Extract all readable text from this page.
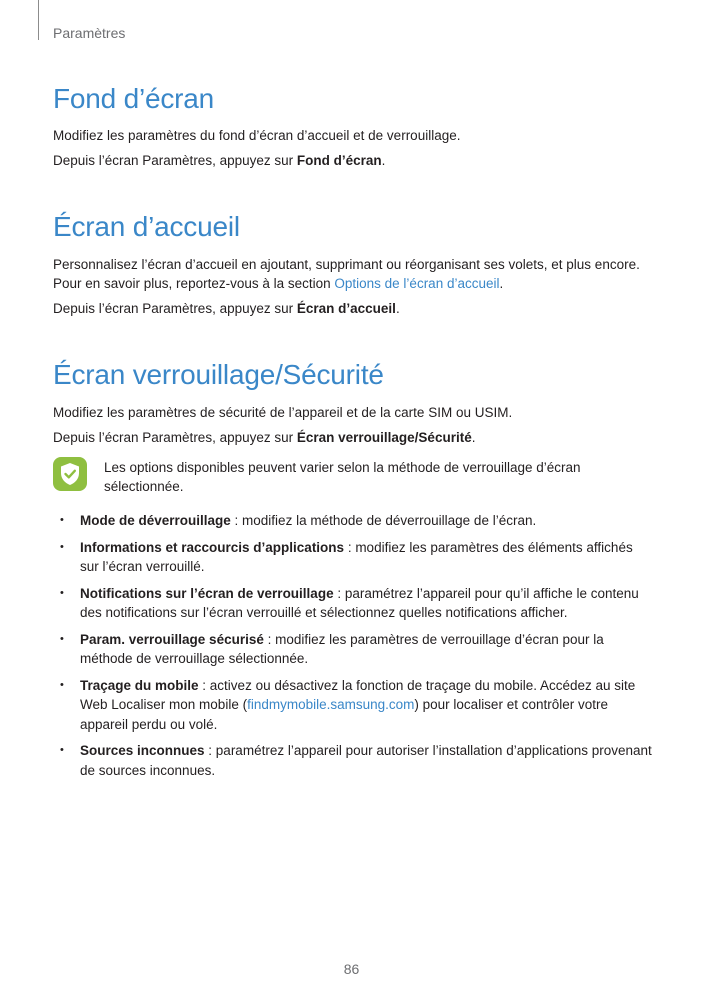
Paramètres
Fond d’écran

Modifiez les paramètres du fond d’écran d’accueil et de verrouillage.

Depuis l’écran Paramètres, appuyez sur Fond d’écran.

Écran d’accueil

Personnalisez l’écran d’accueil en ajoutant, supprimant ou réorganisant ses volets, et plus encore.
Pour en savoir plus, reportez-vous à la section Options de l’écran d’accueil.

Depuis l’écran Paramètres, appuyez sur Écran d’accueil.

Écran verrouillage/Sécurité

Modifiez les paramètres de sécurité de l’appareil et de la carte SIM ou USIM.

Depuis l’écran Paramètres, appuyez sur Écran verrouillage/Sécurité.

Les options disponibles peuvent varier selon la méthode de verrouillage d’écran sélectionnée.

• Mode de déverrouillage : modifiez la méthode de déverrouillage de l’écran.
• Informations et raccourcis d’applications : modifiez les paramètres des éléments affichés sur l’écran verrouillé.
• Notifications sur l’écran de verrouillage : paramétrez l’appareil pour qu’il affiche le contenu des notifications sur l’écran verrouillé et sélectionnez quelles notifications afficher.
• Param. verrouillage sécurisé : modifiez les paramètres de verrouillage d’écran pour la méthode de verrouillage sélectionnée.
• Traçage du mobile : activez ou désactivez la fonction de traçage du mobile. Accédez au site Web Localiser mon mobile (findmymobile.samsung.com) pour localiser et contrôler votre appareil perdu ou volé.
• Sources inconnues : paramétrez l’appareil pour autoriser l’installation d’applications provenant de sources inconnues.
86
